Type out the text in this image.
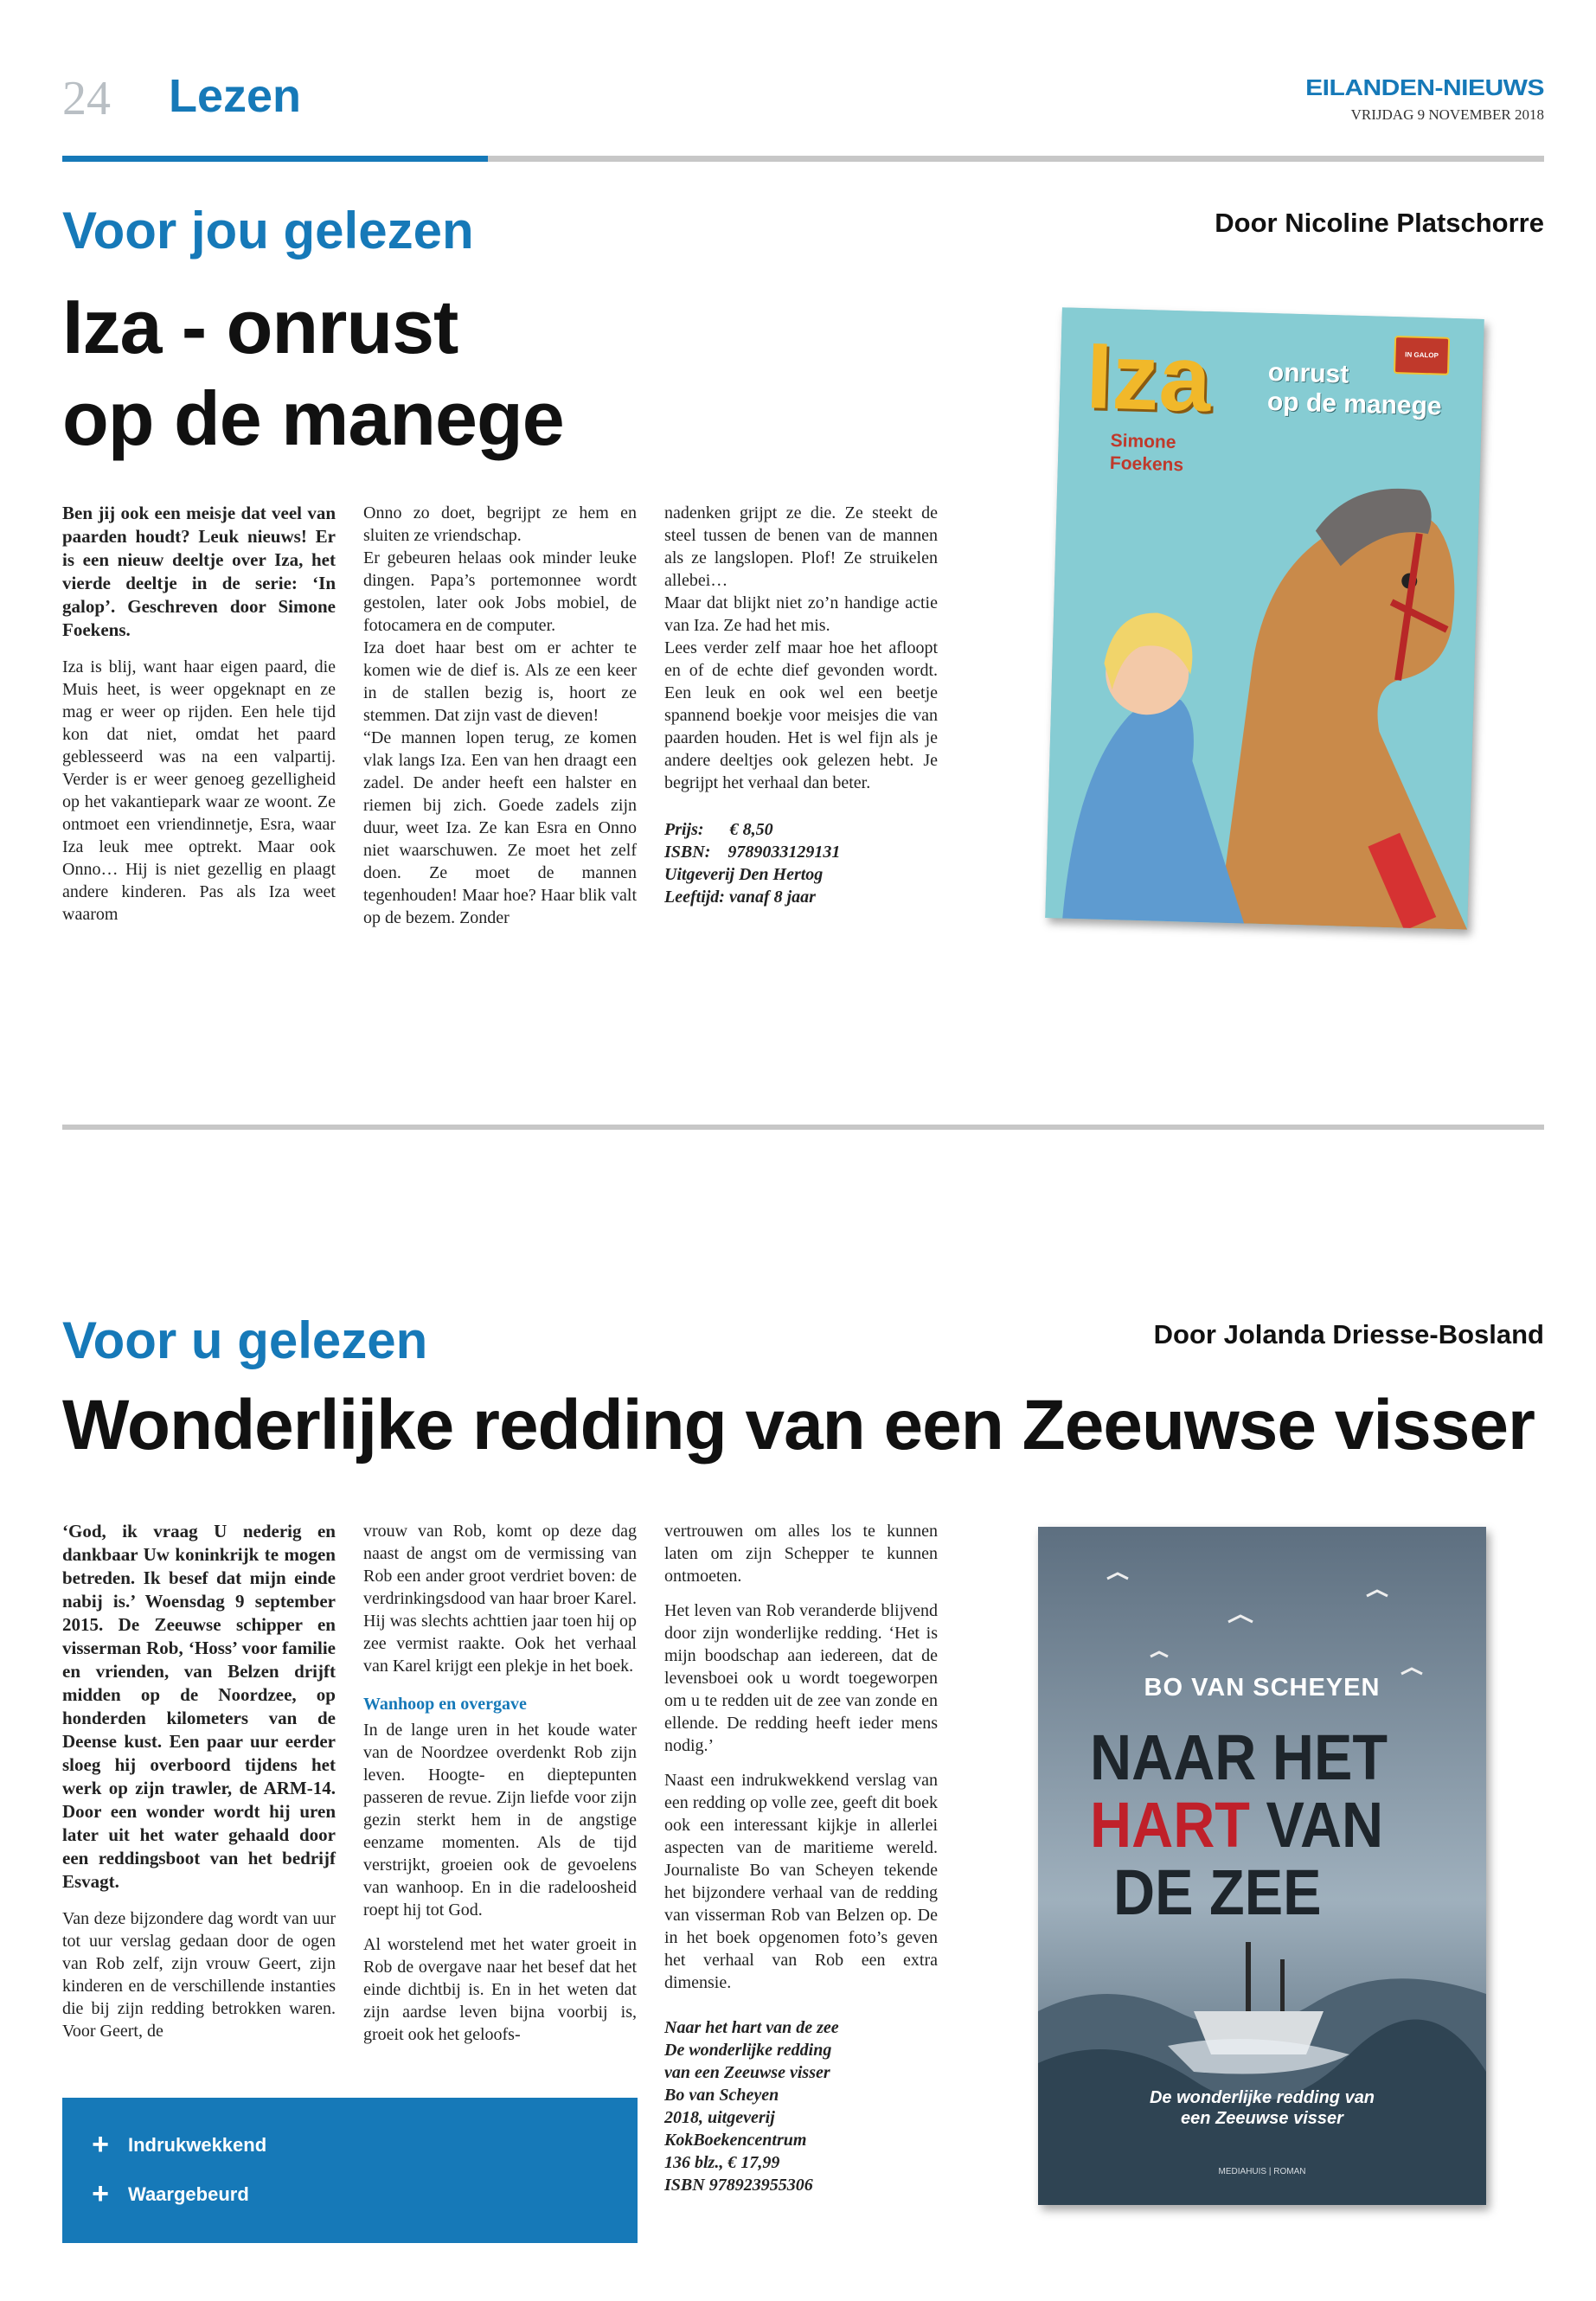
24 Lezen	EILANDEN-NIEUWS
VRIJDAG 9 NOVEMBER 2018
Voor jou gelezen	Door Nicoline Platschorre
Iza - onrust
op de manege

Ben jij ook een meisje dat veel van paarden houdt? Leuk nieuws! Er is een nieuw deeltje over Iza, het vierde deeltje in de serie: ‘In galop’. Geschreven door Simone Foekens.

Iza is blij, want haar eigen paard, die Muis heet, is weer opgeknapt en ze mag er weer op rijden. Een hele tijd kon dat niet, omdat het paard geblesseerd was na een valpartij. Verder is er weer genoeg gezelligheid op het vakantiepark waar ze woont. Ze ontmoet een vriendinnetje, Esra, waar Iza leuk mee optrekt. Maar ook Onno… Hij is niet gezellig en plaagt andere kinderen. Pas als Iza weet waarom

Onno zo doet, begrijpt ze hem en sluiten ze vriendschap.

Er gebeuren helaas ook minder leuke dingen. Papa’s portemonnee wordt gestolen, later ook Jobs mobiel, de fotocamera en de computer.

Iza doet haar best om er achter te komen wie de dief is. Als ze een keer in de stallen bezig is, hoort ze stemmen. Dat zijn vast de dieven!

“De mannen lopen terug, ze komen vlak langs Iza. Een van hen draagt een zadel. De ander heeft een halster en riemen bij zich. Goede zadels zijn duur, weet Iza. Ze kan Esra en Onno niet waarschuwen. Ze moet het zelf doen. Ze moet de mannen tegenhouden! Maar hoe? Haar blik valt op de bezem. Zonder

nadenken grijpt ze die. Ze steekt de steel tussen de benen van de mannen als ze langslopen. Plof! Ze struikelen allebei…

Maar dat blijkt niet zo’n handige actie van Iza. Ze had het mis.

Lees verder zelf maar hoe het afloopt en of de echte dief gevonden wordt. Een leuk en ook wel een beetje spannend boekje voor meisjes die van paarden houden. Het is wel fijn als je andere deeltjes ook gelezen hebt. Je begrijpt het verhaal dan beter.

Prijs: € 8,50
ISBN: 9789033129131
Uitgeverij Den Hertog
Leeftijd: vanaf 8 jaar
Iza onrust
op de manege
Simone
Foekens
IN GALOP
Voor u gelezen	Door Jolanda Driesse-Bosland
Wonderlijke redding van een Zeeuwse visser

‘God, ik vraag U nederig en dankbaar Uw koninkrijk te mogen betreden. Ik besef dat mijn einde nabij is.’ Woensdag 9 september 2015. De Zeeuwse schipper en visserman Rob, ‘Hoss’ voor familie en vrienden, van Belzen drijft midden op de Noordzee, op honderden kilometers van de Deense kust. Een paar uur eerder sloeg hij overboord tijdens het werk op zijn trawler, de ARM-14. Door een wonder wordt hij uren later uit het water gehaald door een reddingsboot van het bedrijf Esvagt.

Van deze bijzondere dag wordt van uur tot uur verslag gedaan door de ogen van Rob zelf, zijn vrouw Geert, zijn kinderen en de verschillende instanties die bij zijn redding betrokken waren. Voor Geert, de

vrouw van Rob, komt op deze dag naast de angst om de vermissing van Rob een ander groot verdriet boven: de verdrinkingsdood van haar broer Karel. Hij was slechts achttien jaar toen hij op zee vermist raakte. Ook het verhaal van Karel krijgt een plekje in het boek.

Wanhoop en overgave

In de lange uren in het koude water van de Noordzee overdenkt Rob zijn leven. Hoogte- en dieptepunten passeren de revue. Zijn liefde voor zijn gezin sterkt hem in de angstige eenzame momenten. Als de tijd verstrijkt, groeien ook de gevoelens van wanhoop. En in die radeloosheid roept hij tot God.

Al worstelend met het water groeit in Rob de overgave naar het besef dat het einde dichtbij is. En in het weten dat zijn aardse leven bijna voorbij is, groeit ook het geloofs-

vertrouwen om alles los te kunnen laten om zijn Schepper te kunnen ontmoeten.

Het leven van Rob veranderde blijvend door zijn wonderlijke redding. ‘Het is mijn boodschap aan iedereen, dat de levensboei ook u wordt toegeworpen om u te redden uit de zee van zonde en ellende. De redding heeft ieder mens nodig.’

Naast een indrukwekkend verslag van een redding op volle zee, geeft dit boek ook een interessant kijkje in allerlei aspecten van de maritieme wereld. Journaliste Bo van Scheyen tekende het bijzondere verhaal van de redding van visserman Rob van Belzen op. De in het boek opgenomen foto’s geven het verhaal van Rob een extra dimensie.

Naar het hart van de zee
De wonderlijke redding
van een Zeeuwse visser
Bo van Scheyen
2018, uitgeverij
KokBoekencentrum
136 blz., € 17,99
ISBN 978923955306
+ Indrukwekkend
+ Waargebeurd
BO VAN SCHEYEN
NAAR HET
HART VAN
DE ZEE
De wonderlijke redding van
een Zeeuwse visser
MEDIAHUIS | ROMAN
